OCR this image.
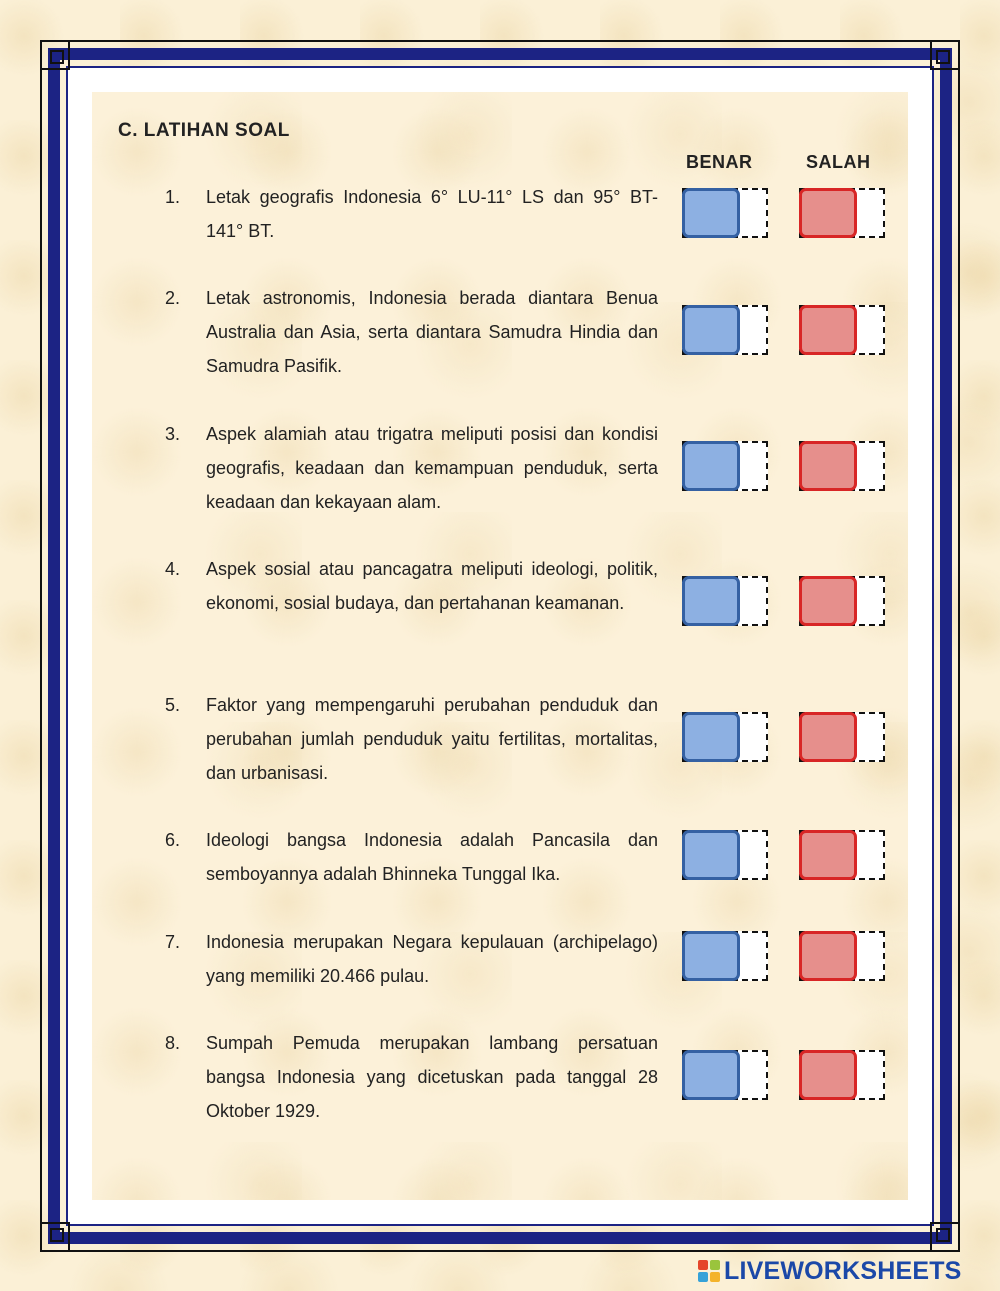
C. LATIHAN SOAL
BENAR	SALAH
1. Letak geografis Indonesia 6° LU-11° LS dan 95° BT-141° BT.
2. Letak astronomis, Indonesia berada diantara Benua Australia dan Asia, serta diantara Samudra Hindia dan Samudra Pasifik.
3. Aspek alamiah atau trigatra meliputi posisi dan kondisi geografis, keadaan dan kemampuan penduduk, serta keadaan dan kekayaan alam.
4. Aspek sosial atau pancagatra meliputi ideologi, politik, ekonomi, sosial budaya, dan pertahanan keamanan.
5. Faktor yang mempengaruhi perubahan penduduk dan perubahan jumlah penduduk yaitu fertilitas, mortalitas, dan urbanisasi.
6. Ideologi bangsa Indonesia adalah Pancasila dan semboyannya adalah Bhinneka Tunggal Ika.
7. Indonesia merupakan Negara kepulauan (archipelago) yang memiliki 20.466 pulau.
8. Sumpah Pemuda merupakan lambang persatuan bangsa Indonesia yang dicetuskan pada tanggal 28 Oktober 1929.
LIVEWORKSHEETS
